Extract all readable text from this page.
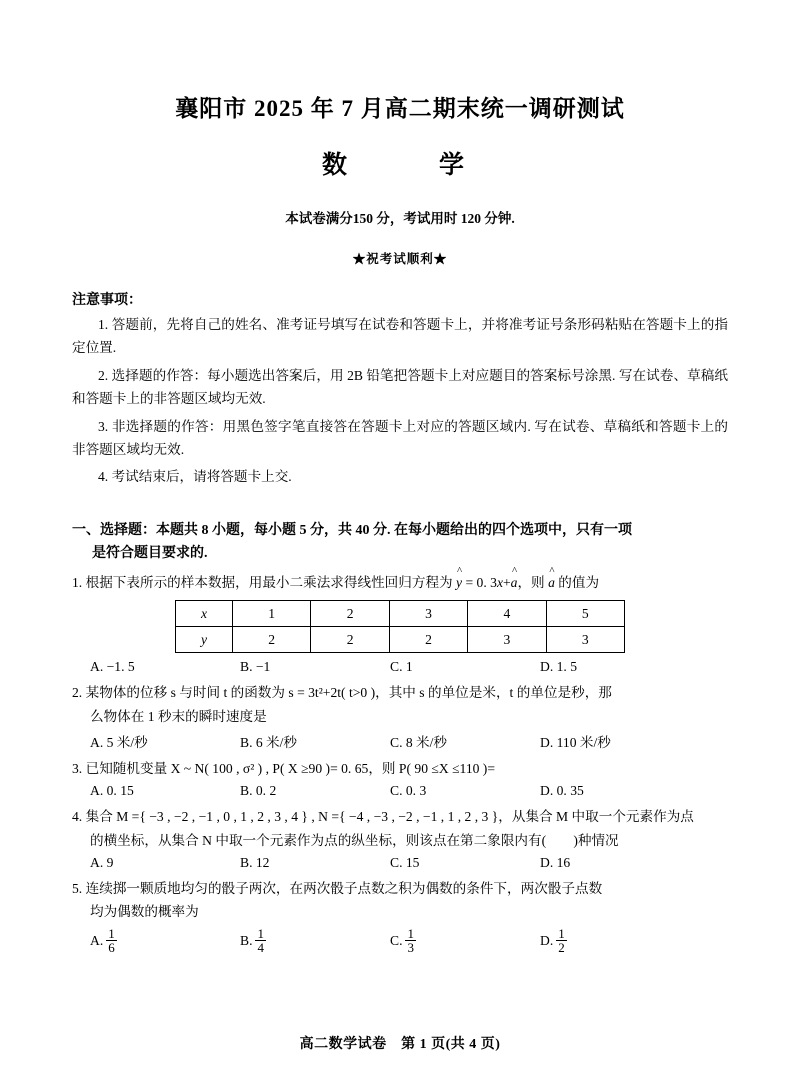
襄阳市 2025 年 7 月高二期末统一调研测试
数　　学
本试卷满分150 分，考试用时 120 分钟.
★祝考试顺利★
注意事项：
1. 答题前，先将自己的姓名、准考证号填写在试卷和答题卡上，并将准考证号条形码粘贴在答题卡上的指定位置.
2. 选择题的作答：每小题选出答案后，用 2B 铅笔把答题卡上对应题目的答案标号涂黑. 写在试卷、草稿纸和答题卡上的非答题区域均无效.
3. 非选择题的作答：用黑色签字笔直接答在答题卡上对应的答题区域内. 写在试卷、草稿纸和答题卡上的非答题区域均无效.
4. 考试结束后，请将答题卡上交.
一、选择题：本题共 8 小题，每小题 5 分，共 40 分. 在每小题给出的四个选项中，只有一项
是符合题目要求的.
1. 根据下表所示的样本数据，用最小二乘法求得线性回归方程为 ^ y = 0. 3x+^ a，则 ^ a 的值为
x	1	2	3	4	5
y	2	2	2	3	3
A. −1. 5	B. −1	C. 1	D. 1. 5
2. 某物体的位移 s 与时间 t 的函数为 s = 3t²+2t( t>0 )，其中 s 的单位是米，t 的单位是秒，那
么物体在 1 秒末的瞬时速度是
A. 5 米/秒	B. 6 米/秒	C. 8 米/秒	D. 110 米/秒
3. 已知随机变量 X ~ N( 100 , σ² ) , P( X ≥90 )= 0. 65，则 P( 90 ≤X ≤110 )=
A. 0. 15	B. 0. 2	C. 0. 3	D. 0. 35
4. 集合 M ={ −3 , −2 , −1 , 0 , 1 , 2 , 3 , 4 } , N ={ −4 , −3 , −2 , −1 , 1 , 2 , 3 }，从集合 M 中取一个元素作为点
的横坐标，从集合 N 中取一个元素作为点的纵坐标，则该点在第二象限内有(　　)种情况
A. 9	B. 12	C. 15	D. 16
5. 连续掷一颗质地均匀的骰子两次，在两次骰子点数之积为偶数的条件下，两次骰子点数
均为偶数的概率为
A. $\frac{1}{6}$	B. $\frac{1}{4}$	C. $\frac{1}{3}$	D. $\frac{1}{2}$
高二数学试卷　第 1 页(共 4 页)
